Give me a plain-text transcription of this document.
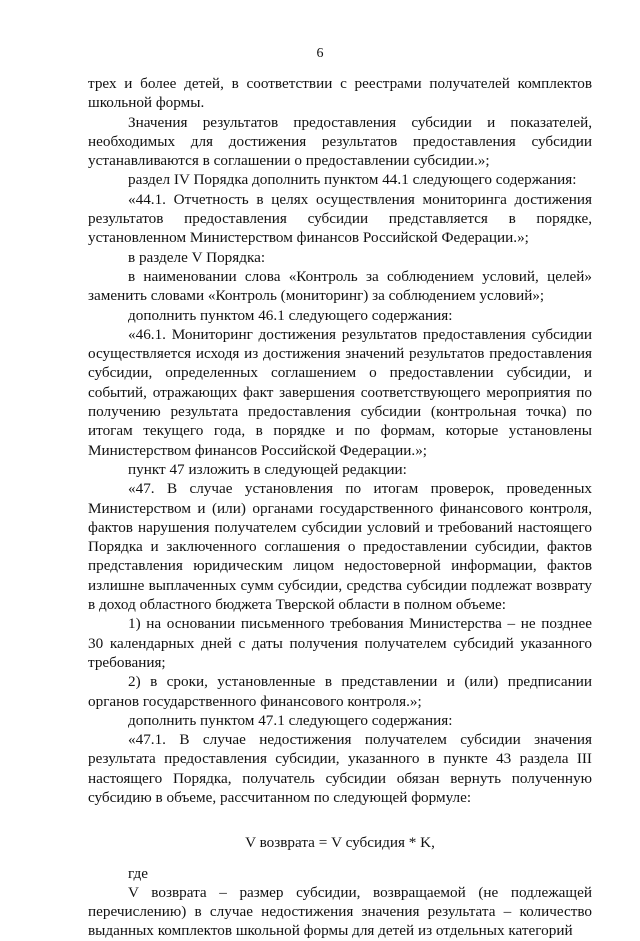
6

трех и более детей, в соответствии с реестрами получателей комплектов школьной формы.

Значения результатов предоставления субсидии и показателей, необходимых для достижения результатов предоставления субсидии устанавливаются в соглашении о предоставлении субсидии.»;

раздел IV Порядка дополнить пунктом 44.1 следующего содержания:

«44.1. Отчетность в целях осуществления мониторинга достижения результатов предоставления субсидии представляется в порядке, установленном Министерством финансов Российской Федерации.»;

в разделе V Порядка:

в наименовании слова «Контроль за соблюдением условий, целей» заменить словами «Контроль (мониторинг) за соблюдением условий»;

дополнить пунктом 46.1 следующего содержания:

«46.1. Мониторинг достижения результатов предоставления субсидии осуществляется исходя из достижения значений результатов предоставления субсидии, определенных соглашением о предоставлении субсидии, и событий, отражающих факт завершения соответствующего мероприятия по получению результата предоставления субсидии (контрольная точка) по итогам текущего года, в порядке и по формам, которые установлены Министерством финансов Российской Федерации.»;

пункт 47 изложить в следующей редакции:

«47. В случае установления по итогам проверок, проведенных Министерством и (или) органами государственного финансового контроля, фактов нарушения получателем субсидии условий и требований настоящего Порядка и заключенного соглашения о предоставлении субсидии, фактов представления юридическим лицом недостоверной информации, фактов излишне выплаченных сумм субсидии, средства субсидии подлежат возврату в доход областного бюджета Тверской области в полном объеме:

1) на основании письменного требования Министерства – не позднее 30 календарных дней с даты получения получателем субсидий указанного требования;

2) в сроки, установленные в представлении и (или) предписании органов государственного финансового контроля.»;

дополнить пунктом 47.1 следующего содержания:

«47.1. В случае недостижения получателем субсидии значения результата предоставления субсидии, указанного в пункте 43 раздела III настоящего Порядка, получатель субсидии обязан вернуть полученную субсидию в объеме, рассчитанном по следующей формуле:

V возврата = V субсидия * K,

где

V возврата – размер субсидии, возвращаемой (не подлежащей перечислению) в случае недостижения значения результата – количество выданных комплектов школьной формы для детей из отдельных категорий
